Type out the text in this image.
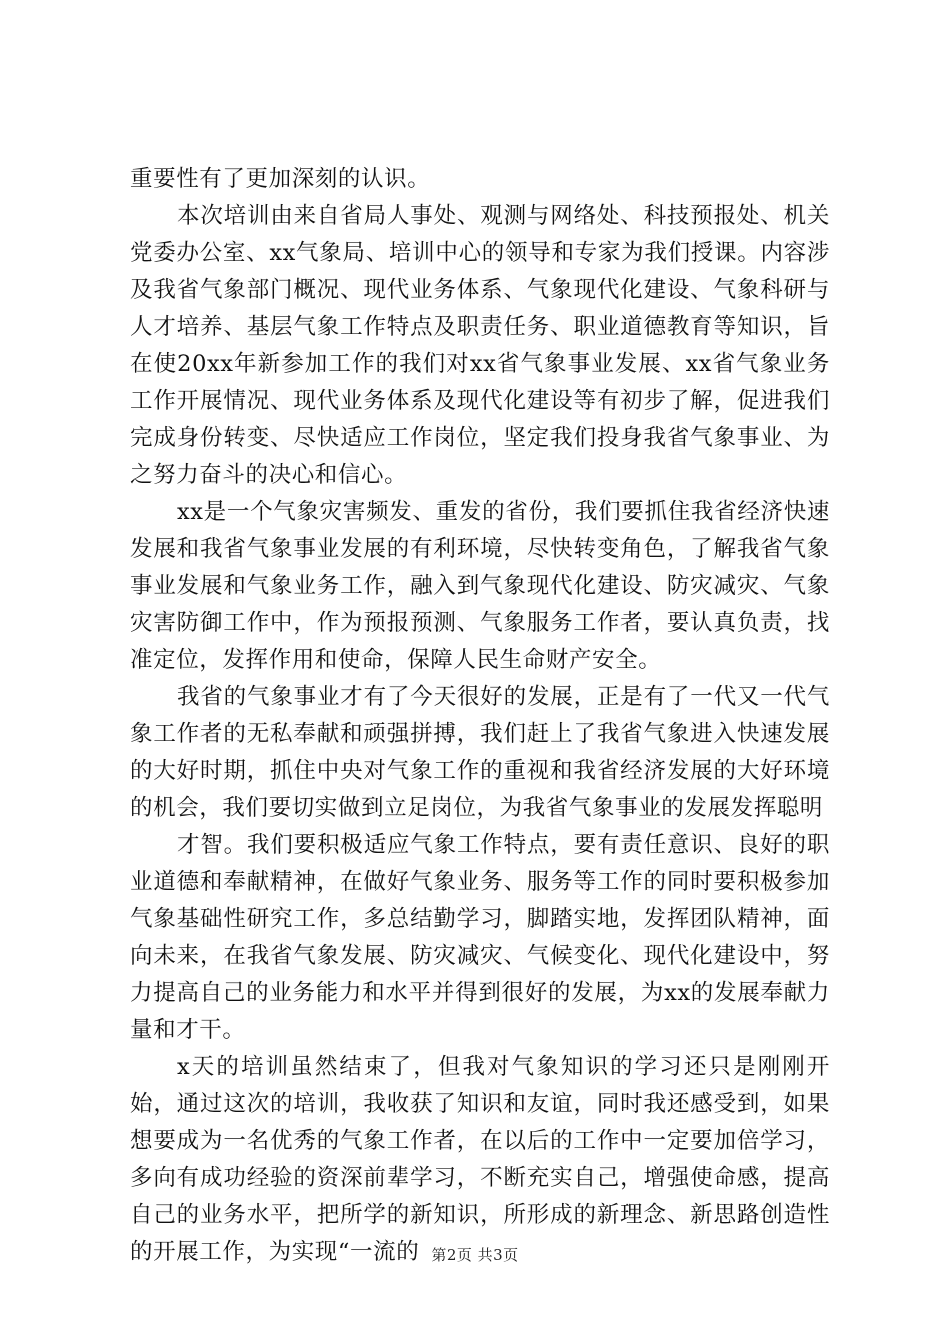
重要性有了更加深刻的认识。

本次培训由来自省局人事处、观测与网络处、科技预报处、机关党委办公室、xx气象局、培训中心的领导和专家为我们授课。内容涉及我省气象部门概况、现代业务体系、气象现代化建设、气象科研与人才培养、基层气象工作特点及职责任务、职业道德教育等知识，旨在使20xx年新参加工作的我们对xx省气象事业发展、xx省气象业务工作开展情况、现代业务体系及现代化建设等有初步了解，促进我们完成身份转变、尽快适应工作岗位，坚定我们投身我省气象事业、为之努力奋斗的决心和信心。

xx是一个气象灾害频发、重发的省份，我们要抓住我省经济快速发展和我省气象事业发展的有利环境，尽快转变角色，了解我省气象事业发展和气象业务工作，融入到气象现代化建设、防灾减灾、气象灾害防御工作中，作为预报预测、气象服务工作者，要认真负责，找准定位，发挥作用和使命，保障人民生命财产安全。

我省的气象事业才有了今天很好的发展，正是有了一代又一代气象工作者的无私奉献和顽强拼搏，我们赶上了我省气象进入快速发展的大好时期，抓住中央对气象工作的重视和我省经济发展的大好环境的机会，我们要切实做到立足岗位，为我省气象事业的发展发挥聪明

才智。我们要积极适应气象工作特点，要有责任意识、良好的职业道德和奉献精神，在做好气象业务、服务等工作的同时要积极参加气象基础性研究工作，多总结勤学习，脚踏实地，发挥团队精神，面向未来，在我省气象发展、防灾减灾、气候变化、现代化建设中，努力提高自己的业务能力和水平并得到很好的发展，为xx的发展奉献力量和才干。

x天的培训虽然结束了，但我对气象知识的学习还只是刚刚开始，通过这次的培训，我收获了知识和友谊，同时我还感受到，如果想要成为一名优秀的气象工作者，在以后的工作中一定要加倍学习，多向有成功经验的资深前辈学习，不断充实自己，增强使命感，提高自己的业务水平，把所学的新知识，所形成的新理念、新思路创造性的开展工作，为实现“一流的 第2页 共3页
